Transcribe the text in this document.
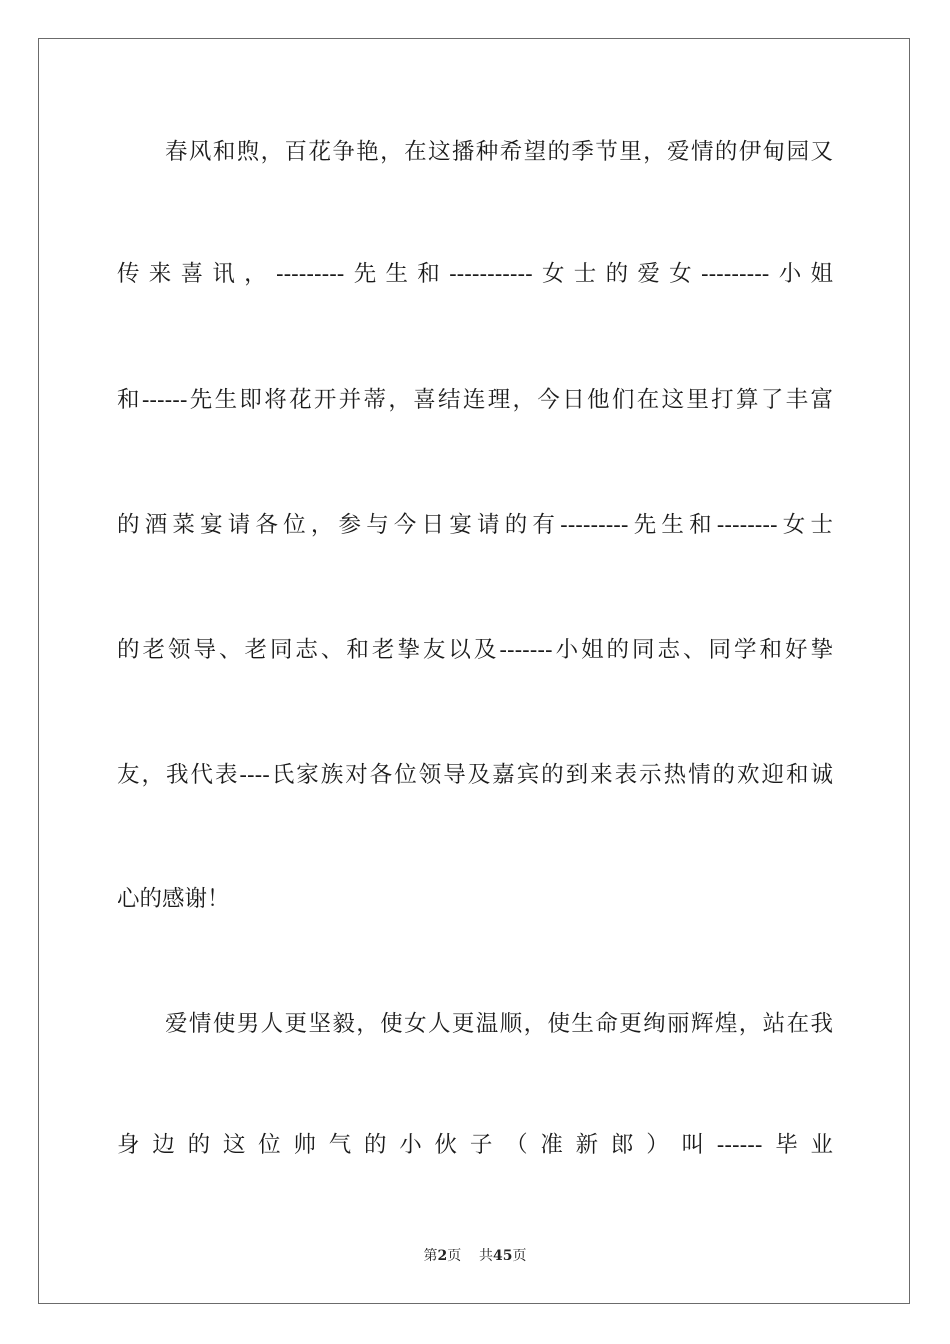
春风和煦，百花争艳，在这播种希望的季节里，爱情的伊甸园又
传来喜讯，---------先生和-----------女士的爱女---------小姐
和------先生即将花开并蒂，喜结连理，今日他们在这里打算了丰富
的酒菜宴请各位，参与今日宴请的有---------先生和--------女士
的老领导、老同志、和老挚友以及-------小姐的同志、同学和好挚
友，我代表----氏家族对各位领导及嘉宾的到来表示热情的欢迎和诚
心的感谢！
爱情使男人更坚毅，使女人更温顺，使生命更绚丽辉煌，站在我
身边的这位帅气的小伙子（准新郎）叫------毕业
第2页 共45页
